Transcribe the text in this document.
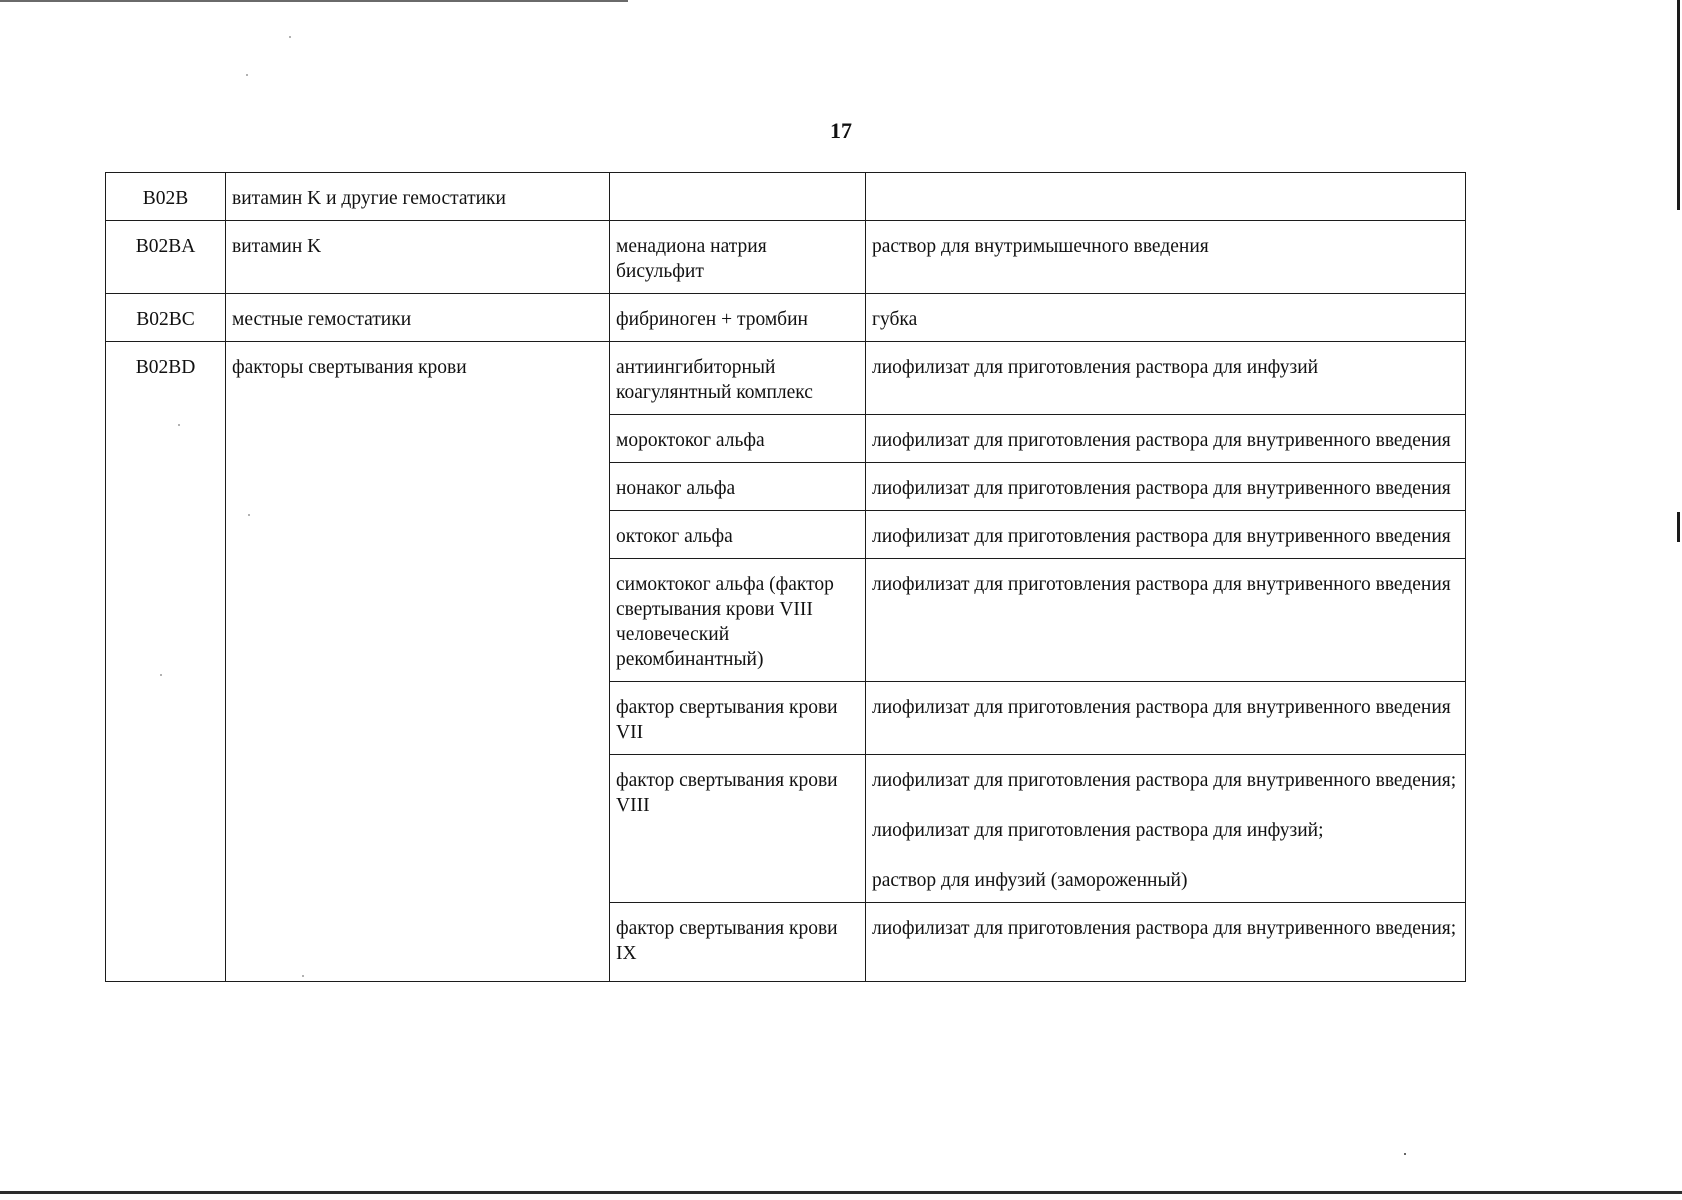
17
B02B	витамин K и другие гемостатики		
B02BA	витамин K	менадиона натрия бисульфит	раствор для внутримышечного введения
B02BC	местные гемостатики	фибриноген + тромбин	губка
B02BD	факторы свертывания крови	антиингибиторный коагулянтный комплекс	лиофилизат для приготовления раствора для инфузий
		мороктоког альфа	лиофилизат для приготовления раствора для внутривенного введения
		нонаког альфа	лиофилизат для приготовления раствора для внутривенного введения
		октоког альфа	лиофилизат для приготовления раствора для внутривенного введения
		симоктоког альфа (фактор свертывания крови VIII человеческий рекомбинантный)	лиофилизат для приготовления раствора для внутривенного введения
		фактор свертывания крови VII	лиофилизат для приготовления раствора для внутривенного введения
		фактор свертывания крови VIII	лиофилизат для приготовления раствора для внутривенного введения;
лиофилизат для приготовления раствора для инфузий;
раствор для инфузий (замороженный)

		фактор свертывания крови IX	лиофилизат для приготовления раствора для внутривенного введения;
